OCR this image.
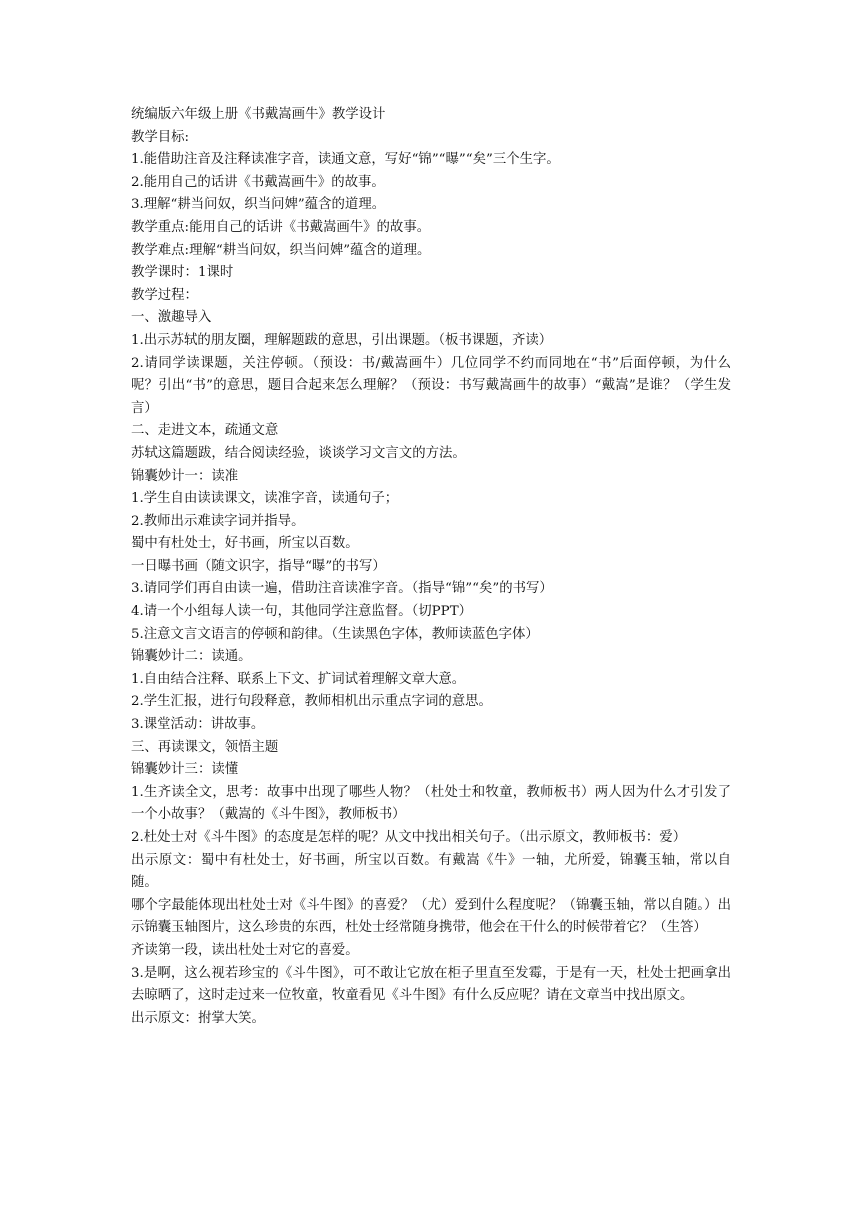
统编版六年级上册《书戴嵩画牛》教学设计
教学目标:
1.能借助注音及注释读准字音，读通文意，写好“锦”“曝”“矣”三个生字。
2.能用自己的话讲《书戴嵩画牛》的故事。
3.理解“耕当问奴，织当问婢”蕴含的道理。
教学重点:能用自己的话讲《书戴嵩画牛》的故事。
教学难点:理解“耕当问奴，织当问婢”蕴含的道理。
教学课时：1课时
教学过程：
一、激趣导入
1.出示苏轼的朋友圈，理解题跋的意思，引出课题。（板书课题，齐读）
2.请同学读课题，关注停顿。（预设：书/戴嵩画牛）几位同学不约而同地在“书”后面停顿，为什么呢？引出“书”的意思，题目合起来怎么理解？（预设：书写戴嵩画牛的故事）“戴嵩”是谁？（学生发言）
二、走进文本，疏通文意
苏轼这篇题跋，结合阅读经验，谈谈学习文言文的方法。
锦囊妙计一：读准
1.学生自由读读课文，读准字音，读通句子；
2.教师出示难读字词并指导。
蜀中有杜处士，好书画，所宝以百数。
一日曝书画（随文识字，指导“曝”的书写）
3.请同学们再自由读一遍，借助注音读准字音。（指导“锦”“矣”的书写）
4.请一个小组每人读一句，其他同学注意监督。（切PPT）
5.注意文言文语言的停顿和韵律。（生读黑色字体，教师读蓝色字体）
锦囊妙计二：读通。
1.自由结合注释、联系上下文、扩词试着理解文章大意。
2.学生汇报，进行句段释意，教师相机出示重点字词的意思。
3.课堂活动：讲故事。
三、再读课文，领悟主题
锦囊妙计三：读懂
1.生齐读全文，思考：故事中出现了哪些人物？（杜处士和牧童，教师板书）两人因为什么才引发了一个小故事？（戴嵩的《斗牛图》，教师板书）
2.杜处士对《斗牛图》的态度是怎样的呢？从文中找出相关句子。（出示原文，教师板书：爱）
出示原文：蜀中有杜处士，好书画，所宝以百数。有戴嵩《牛》一轴，尤所爱，锦囊玉轴，常以自随。
哪个字最能体现出杜处士对《斗牛图》的喜爱？（尤）爱到什么程度呢？（锦囊玉轴，常以自随。）出示锦囊玉轴图片，这么珍贵的东西，杜处士经常随身携带，他会在干什么的时候带着它？（生答）
齐读第一段，读出杜处士对它的喜爱。
3.是啊，这么视若珍宝的《斗牛图》，可不敢让它放在柜子里直至发霉，于是有一天，杜处士把画拿出去晾晒了，这时走过来一位牧童，牧童看见《斗牛图》有什么反应呢？请在文章当中找出原文。
出示原文：拊掌大笑。
